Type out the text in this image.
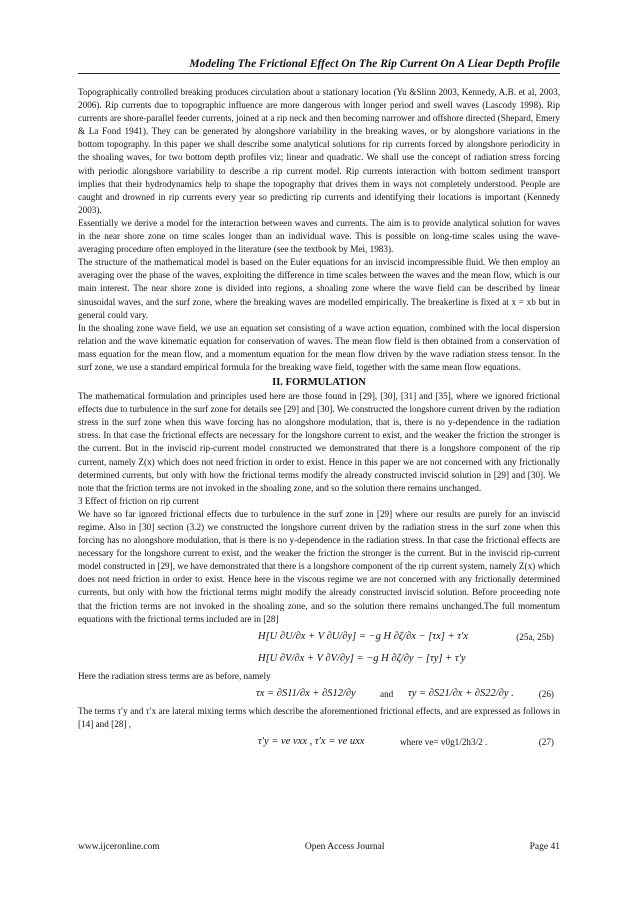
Modeling The Frictional Effect On The Rip Current On A Liear Depth Profile

Topographically controlled breaking produces circulation about a stationary location (Yu &Slinn 2003, Kennedy, A.B. et al, 2003, 2006). Rip currents due to topographic influence are more dangerous with longer period and swell waves (Lascody 1998). Rip currents are shore-parallel feeder currents, joined at a rip neck and then becoming narrower and offshore directed (Shepard, Emery & La Fond 1941). They can be generated by alongshore variability in the breaking waves, or by alongshore variations in the bottom topography. In this paper we shall describe some analytical solutions for rip currents forced by alongshore periodicity in the shoaling waves, for two bottom depth profiles viz; linear and quadratic. We shall use the concept of radiation stress forcing with periodic alongshore variability to describe a rip current model. Rip currents interaction with bottom sediment transport implies that their hydrodynamics help to shape the topography that drives them in ways not completely understood. People are caught and drowned in rip currents every year so predicting rip currents and identifying their locations is important (Kennedy 2003).

Essentially we derive a model for the interaction between waves and currents. The aim is to provide analytical solution for waves in the near shore zone on time scales longer than an individual wave. This is possible on long-time scales using the wave-averaging procedure often employed in the literature (see the textbook by Mei, 1983).

The structure of the mathematical model is based on the Euler equations for an inviscid incompressible fluid. We then employ an averaging over the phase of the waves, exploiting the difference in time scales between the waves and the mean flow, which is our main interest. The near shore zone is divided into regions, a shoaling zone where the wave field can be described by linear sinusoidal waves, and the surf zone, where the breaking waves are modelled empirically. The breakerline is fixed at x = xb but in general could vary.

In the shoaling zone wave field, we use an equation set consisting of a wave action equation, combined with the local dispersion relation and the wave kinematic equation for conservation of waves. The mean flow field is then obtained from a conservation of mass equation for the mean flow, and a momentum equation for the mean flow driven by the wave radiation stress tensor. In the surf zone, we use a standard empirical formula for the breaking wave field, together with the same mean flow equations.

II. FORMULATION

The mathematical formulation and principles used here are those found in [29], [30], [31] and [35], where we ignored frictional effects due to turbulence in the surf zone for details see [29] and [30]. We constructed the longshore current driven by the radiation stress in the surf zone when this wave forcing has no alongshore modulation, that is, there is no y-dependence in the radiation stress. In that case the frictional effects are necessary for the longshore current to exist, and the weaker the friction the stronger is the current. But in the inviscid rip-current model constructed we demonstrated that there is a longshore component of the rip current, namely Z(x) which does not need friction in order to exist. Hence in this paper we are not concerned with any frictionally determined currents, but only with how the frictional terms modify the already constructed inviscid solution in [29] and [30]. We note that the friction terms are not invoked in the shoaling zone, and so the solution there remains unchanged.

3 Effect of friction on rip current

We have so far ignored frictional effects due to turbulence in the surf zone in [29] where our results are purely for an inviscid regime. Also in [30] section (3.2) we constructed the longshore current driven by the radiation stress in the surf zone when this forcing has no alongshore modulation, that is there is no y-dependence in the radiation stress. In that case the frictional effects are necessary for the longshore current to exist, and the weaker the friction the stronger is the current. But in the inviscid rip-current model constructed in [29], we have demonstrated that there is a longshore component of the rip current system, namely Z(x) which does not need friction in order to exist. Hence here in the viscous regime we are not concerned with any frictionally determined currents, but only with how the frictional terms might modify the already constructed inviscid solution. Before proceeding note that the friction terms are not invoked in the shoaling zone, and so the solution there remains unchanged.The full momentum equations with the frictional terms included are in [28]

H[U ∂U/∂x + V ∂U/∂y] = −g H ∂ζ/∂x − [τx] + τ′x	(25a, 25b)
H[U ∂V/∂x + V ∂V/∂y] = −g H ∂ζ/∂y − [τy] + τ′y

Here the radiation stress terms are as before, namely

τx = ∂S11/∂x + ∂S12/∂y	and τy = ∂S21/∂x + ∂S22/∂y .	(26)

The terms τ′y and τ′x are lateral mixing terms which describe the aforementioned frictional effects, and are expressed as follows in [14] and [28] ,

τ′y = νe vxx , τ′x = νe uxx	where ve= v0g1/2h3/2 .	(27)
www.ijceronline.com	Open Access Journal	Page 41
